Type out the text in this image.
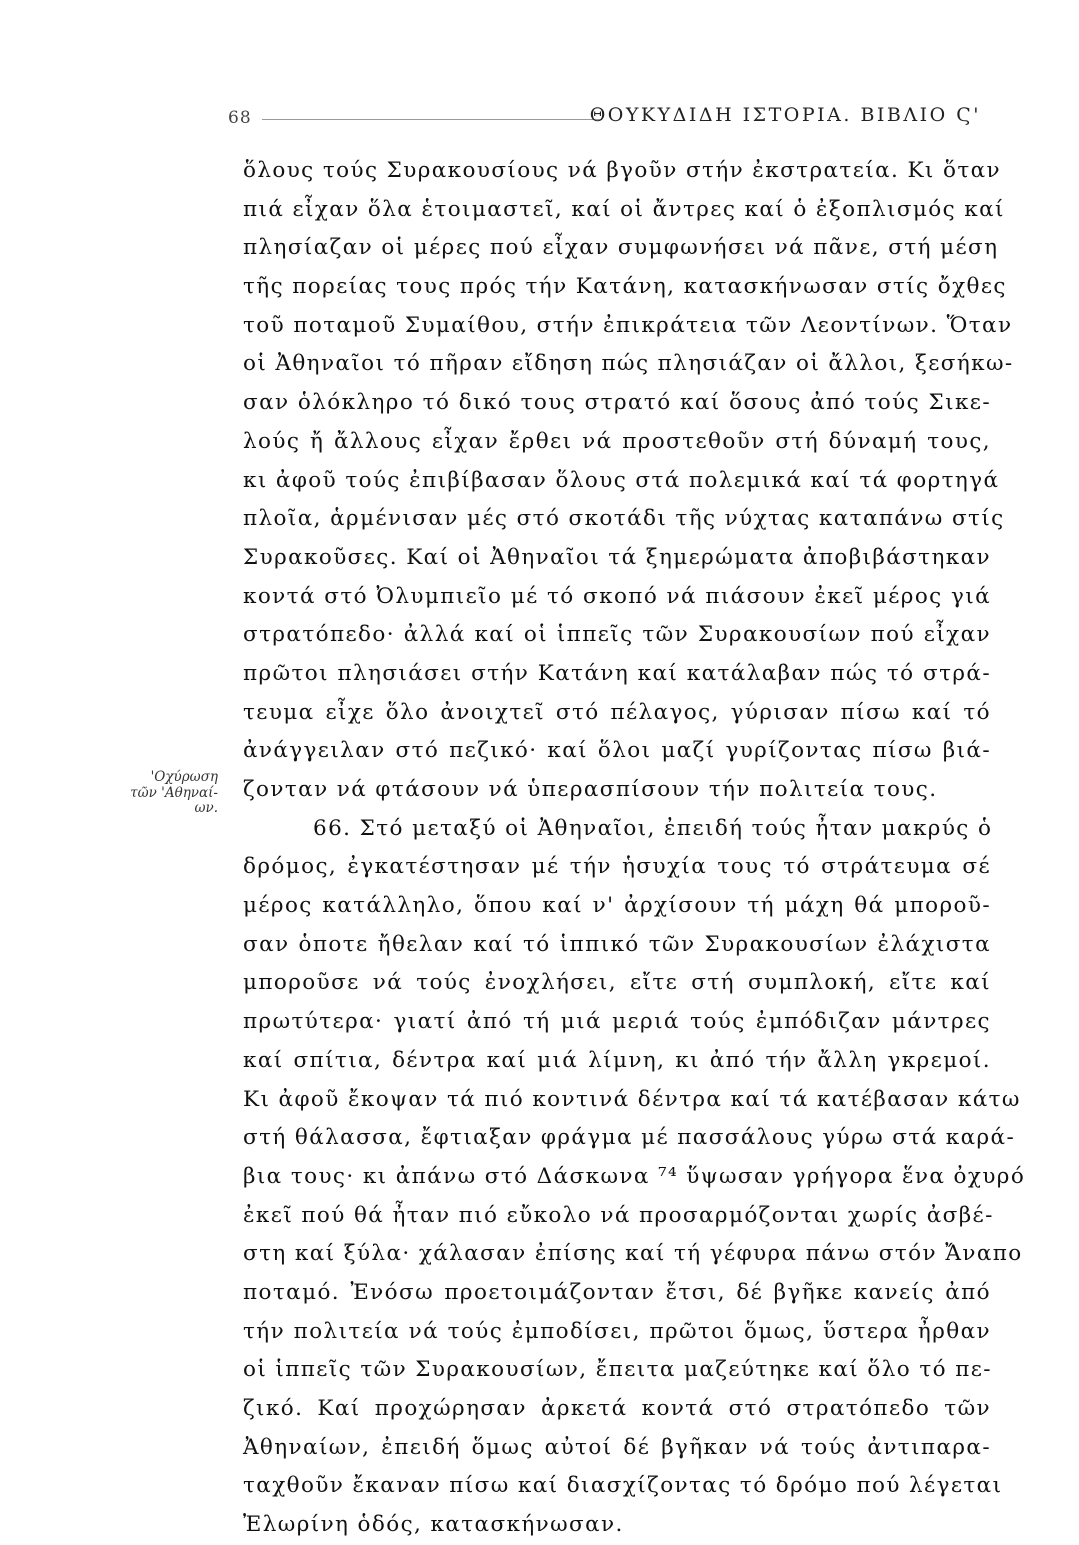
68	ΘΟΥΚΥΔΙΔΗ ΙΣΤΟΡΙΑ. ΒΙΒΛΙΟ Ϛ'
'Οχύρωση
τῶν 'Αθηναί-
ων.
ὅλους τούς Συρακουσίους νά βγοῦν στήν ἐκστρατεία. Κι ὅταν
πιά εἶχαν ὅλα ἑτοιμαστεῖ, καί οἱ ἄντρες καί ὁ ἐξοπλισμός καί
πλησίαζαν οἱ μέρες πού εἶχαν συμφωνήσει νά πᾶνε, στή μέση
τῆς πορείας τους πρός τήν Κατάνη, κατασκήνωσαν στίς ὄχθες
τοῦ ποταμοῦ Συμαίθου, στήν ἐπικράτεια τῶν Λεοντίνων. Ὅταν
οἱ Ἀθηναῖοι τό πῆραν εἴδηση πώς πλησιάζαν οἱ ἄλλοι, ξεσήκω-
σαν ὁλόκληρο τό δικό τους στρατό καί ὅσους ἀπό τούς Σικε-
λούς ἤ ἄλλους εἶχαν ἔρθει νά προστεθοῦν στή δύναμή τους,
κι ἀφοῦ τούς ἐπιβίβασαν ὅλους στά πολεμικά καί τά φορτηγά
πλοῖα, ἁρμένισαν μές στό σκοτάδι τῆς νύχτας καταπάνω στίς
Συρακοῦσες. Καί οἱ Ἀθηναῖοι τά ξημερώματα ἀποβιβάστηκαν
κοντά στό Ὀλυμπιεῖο μέ τό σκοπό νά πιάσουν ἐκεῖ μέρος γιά
στρατόπεδο· ἀλλά καί οἱ ἱππεῖς τῶν Συρακουσίων πού εἶχαν
πρῶτοι πλησιάσει στήν Κατάνη καί κατάλαβαν πώς τό στρά-
τευμα εἶχε ὅλο ἀνοιχτεῖ στό πέλαγος, γύρισαν πίσω καί τό
ἀνάγγειλαν στό πεζικό· καί ὅλοι μαζί γυρίζοντας πίσω βιά-
ζονταν νά φτάσουν νά ὑπερασπίσουν τήν πολιτεία τους.
66. Στό μεταξύ οἱ Ἀθηναῖοι, ἐπειδή τούς ἦταν μακρύς ὁ
δρόμος, ἐγκατέστησαν μέ τήν ἡσυχία τους τό στράτευμα σέ
μέρος κατάλληλο, ὅπου καί ν' ἀρχίσουν τή μάχη θά μποροῦ-
σαν ὁποτε ἤθελαν καί τό ἱππικό τῶν Συρακουσίων ἐλάχιστα
μποροῦσε νά τούς ἐνοχλήσει, εἴτε στή συμπλοκή, εἴτε καί
πρωτύτερα· γιατί ἀπό τή μιά μεριά τούς ἐμπόδιζαν μάντρες
καί σπίτια, δέντρα καί μιά λίμνη, κι ἀπό τήν ἄλλη γκρεμοί.
Κι ἀφοῦ ἔκοψαν τά πιό κοντινά δέντρα καί τά κατέβασαν κάτω
στή θάλασσα, ἔφτιαξαν φράγμα μέ πασσάλους γύρω στά καρά-
βια τους· κι ἀπάνω στό Δάσκωνα ⁷⁴ ὕψωσαν γρήγορα ἕνα ὀχυρό
ἐκεῖ πού θά ἦταν πιό εὔκολο νά προσαρμόζονται χωρίς ἀσβέ-
στη καί ξύλα· χάλασαν ἐπίσης καί τή γέφυρα πάνω στόν Ἄναπο
ποταμό. Ἐνόσω προετοιμάζονταν ἔτσι, δέ βγῆκε κανείς ἀπό
τήν πολιτεία νά τούς ἐμποδίσει, πρῶτοι ὅμως, ὕστερα ἦρθαν
οἱ ἱππεῖς τῶν Συρακουσίων, ἔπειτα μαζεύτηκε καί ὅλο τό πε-
ζικό. Καί προχώρησαν ἀρκετά κοντά στό στρατόπεδο τῶν
Ἀθηναίων, ἐπειδή ὅμως αὐτοί δέ βγῆκαν νά τούς ἀντιπαρα-
ταχθοῦν ἔκαναν πίσω καί διασχίζοντας τό δρόμο πού λέγεται
Ἐλωρίνη ὁδός, κατασκήνωσαν.
